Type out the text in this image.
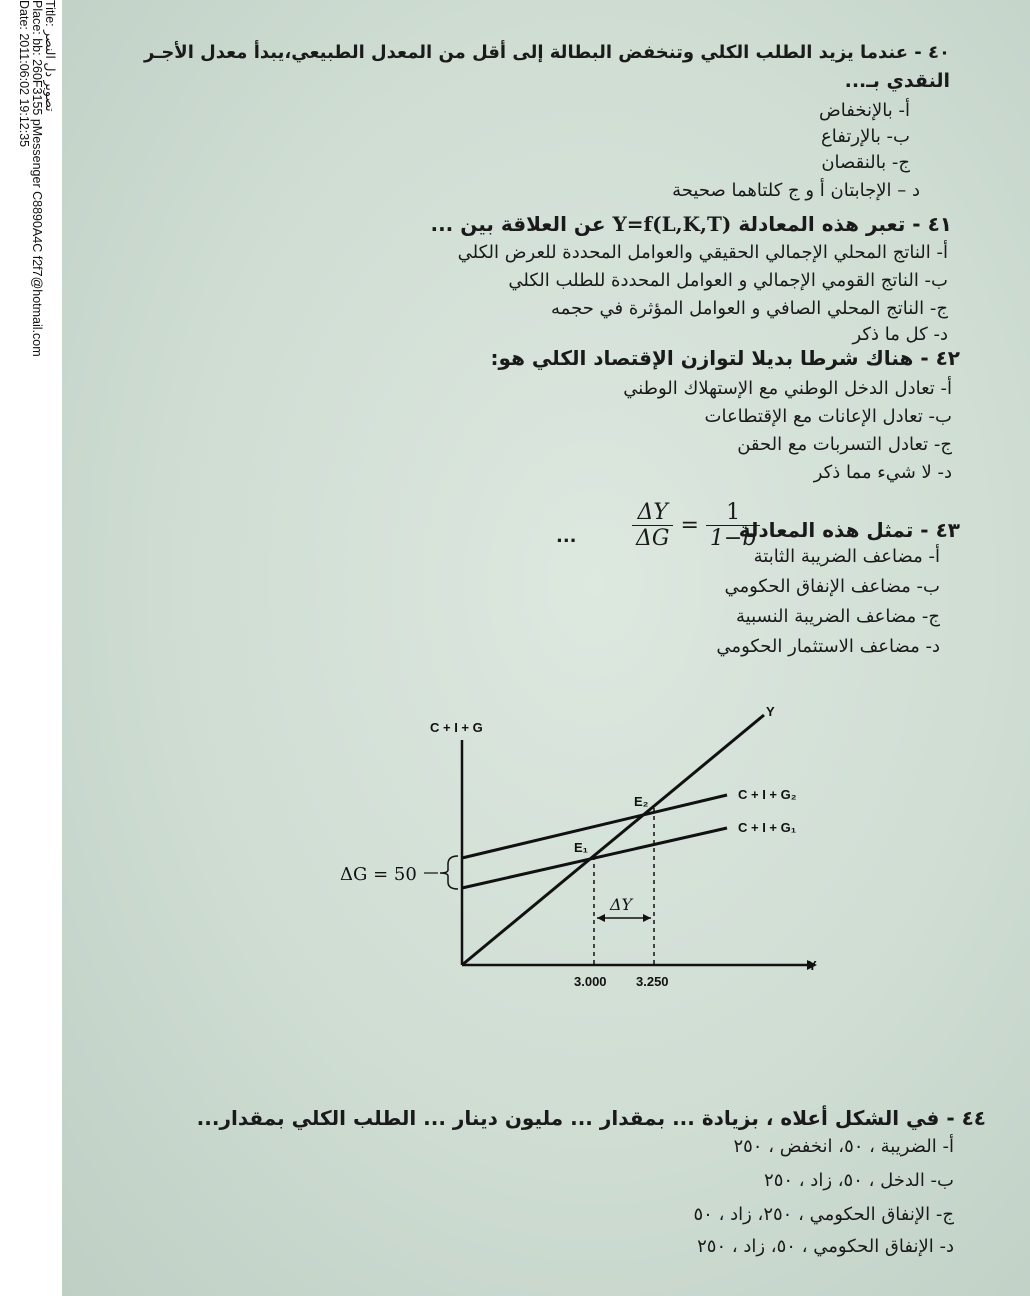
Title: تصوير دل النصر
Place: bb: 260F3155 pMessenger C8890A4C f2f7@hotmail.com
Date: 2011:06:02 19:12:35	٤٠ - عندما يزيد الطلب الكلي وتنخفض البطالة إلى أقل من المعدل الطبيعي،يبدأ معدل الأجـر
النقدي بـ...
أ- بالإنخفاض
ب- بالإرتفاع
ج- بالنقصان
د – الإجابتان أ و ج كلتاهما صحيحة
٤١ - تعبر هذه المعادلة Y=f(L,K,T) عن العلاقة بين ...
أ- الناتج المحلي الإجمالي الحقيقي والعوامل المحددة للعرض الكلي
ب- الناتج القومي الإجمالي و العوامل المحددة للطلب الكلي
ج- الناتج المحلي الصافي و العوامل المؤثرة في حجمه
د- كل ما ذكر
٤٢ - هناك شرطا بديلا لتوازن الإقتصاد الكلي هو:
أ- تعادل الدخل الوطني مع الإستهلاك الوطني
ب- تعادل الإعانات مع الإقتطاعات
ج- تعادل التسربات مع الحقن
د- لا شيء مما ذكر
٤٣ - تمثل هذه المعادلة
$\frac{\Delta Y}{\Delta G} = \frac{1}{1-b}$
...
أ- مضاعف الضريبة الثابتة
ب- مضاعف الإنفاق الحكومي
ج- مضاعف الضريبة النسبية
د- مضاعف الاستثمار الحكومي
C + I + G
Y
Y
C + I + G₂
C + I + G₁
E₁
E₂
ΔY
ΔG = 50
3.000 3.250
٤٤ - في الشكل أعلاه ، بزيادة ... بمقدار ... مليون دينار ... الطلب الكلي بمقدار...
أ- الضريبة ، ٥٠، انخفض ، ٢٥٠
ب- الدخل ، ٥٠، زاد ، ٢٥٠
ج- الإنفاق الحكومي ، ٢٥٠، زاد ، ٥٠
د- الإنفاق الحكومي ، ٥٠، زاد ، ٢٥٠
